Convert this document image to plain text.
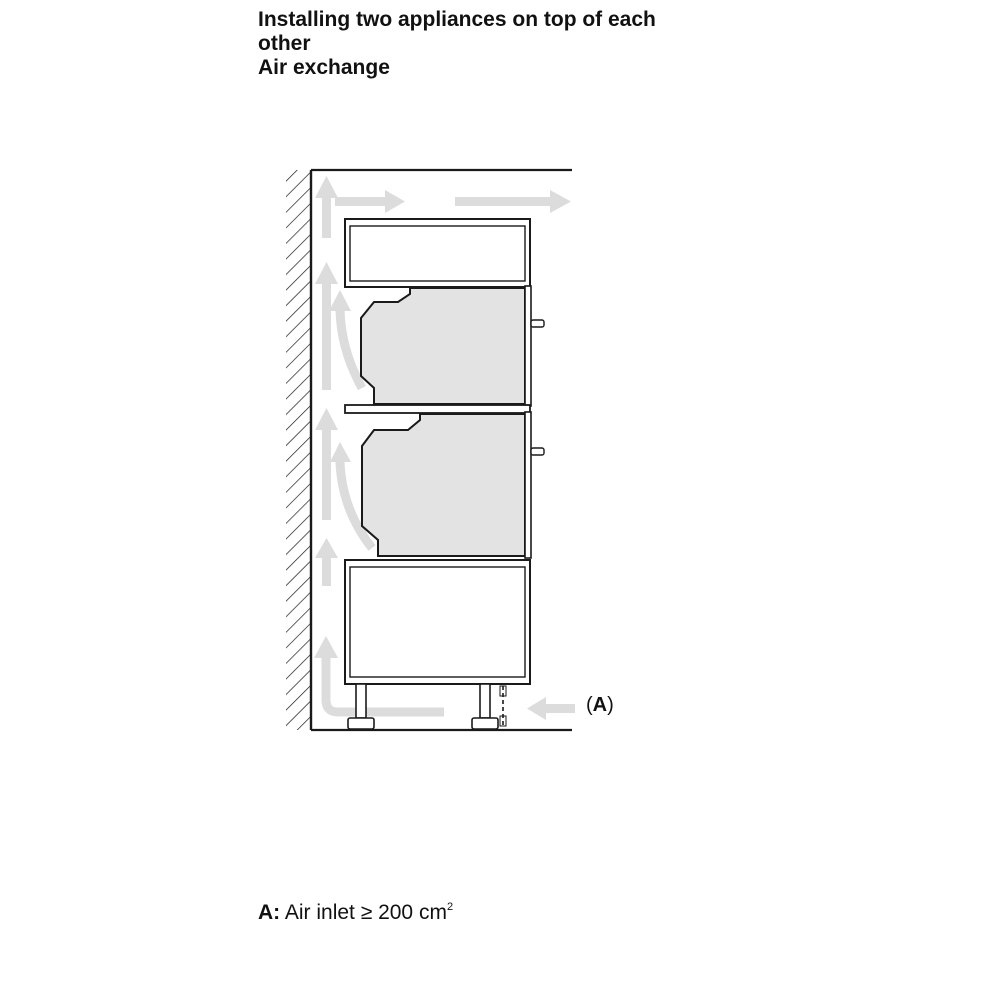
Installing two appliances on top of each
other
Air exchange
(A)
A: Air inlet ≥ 200 $cm^2$
